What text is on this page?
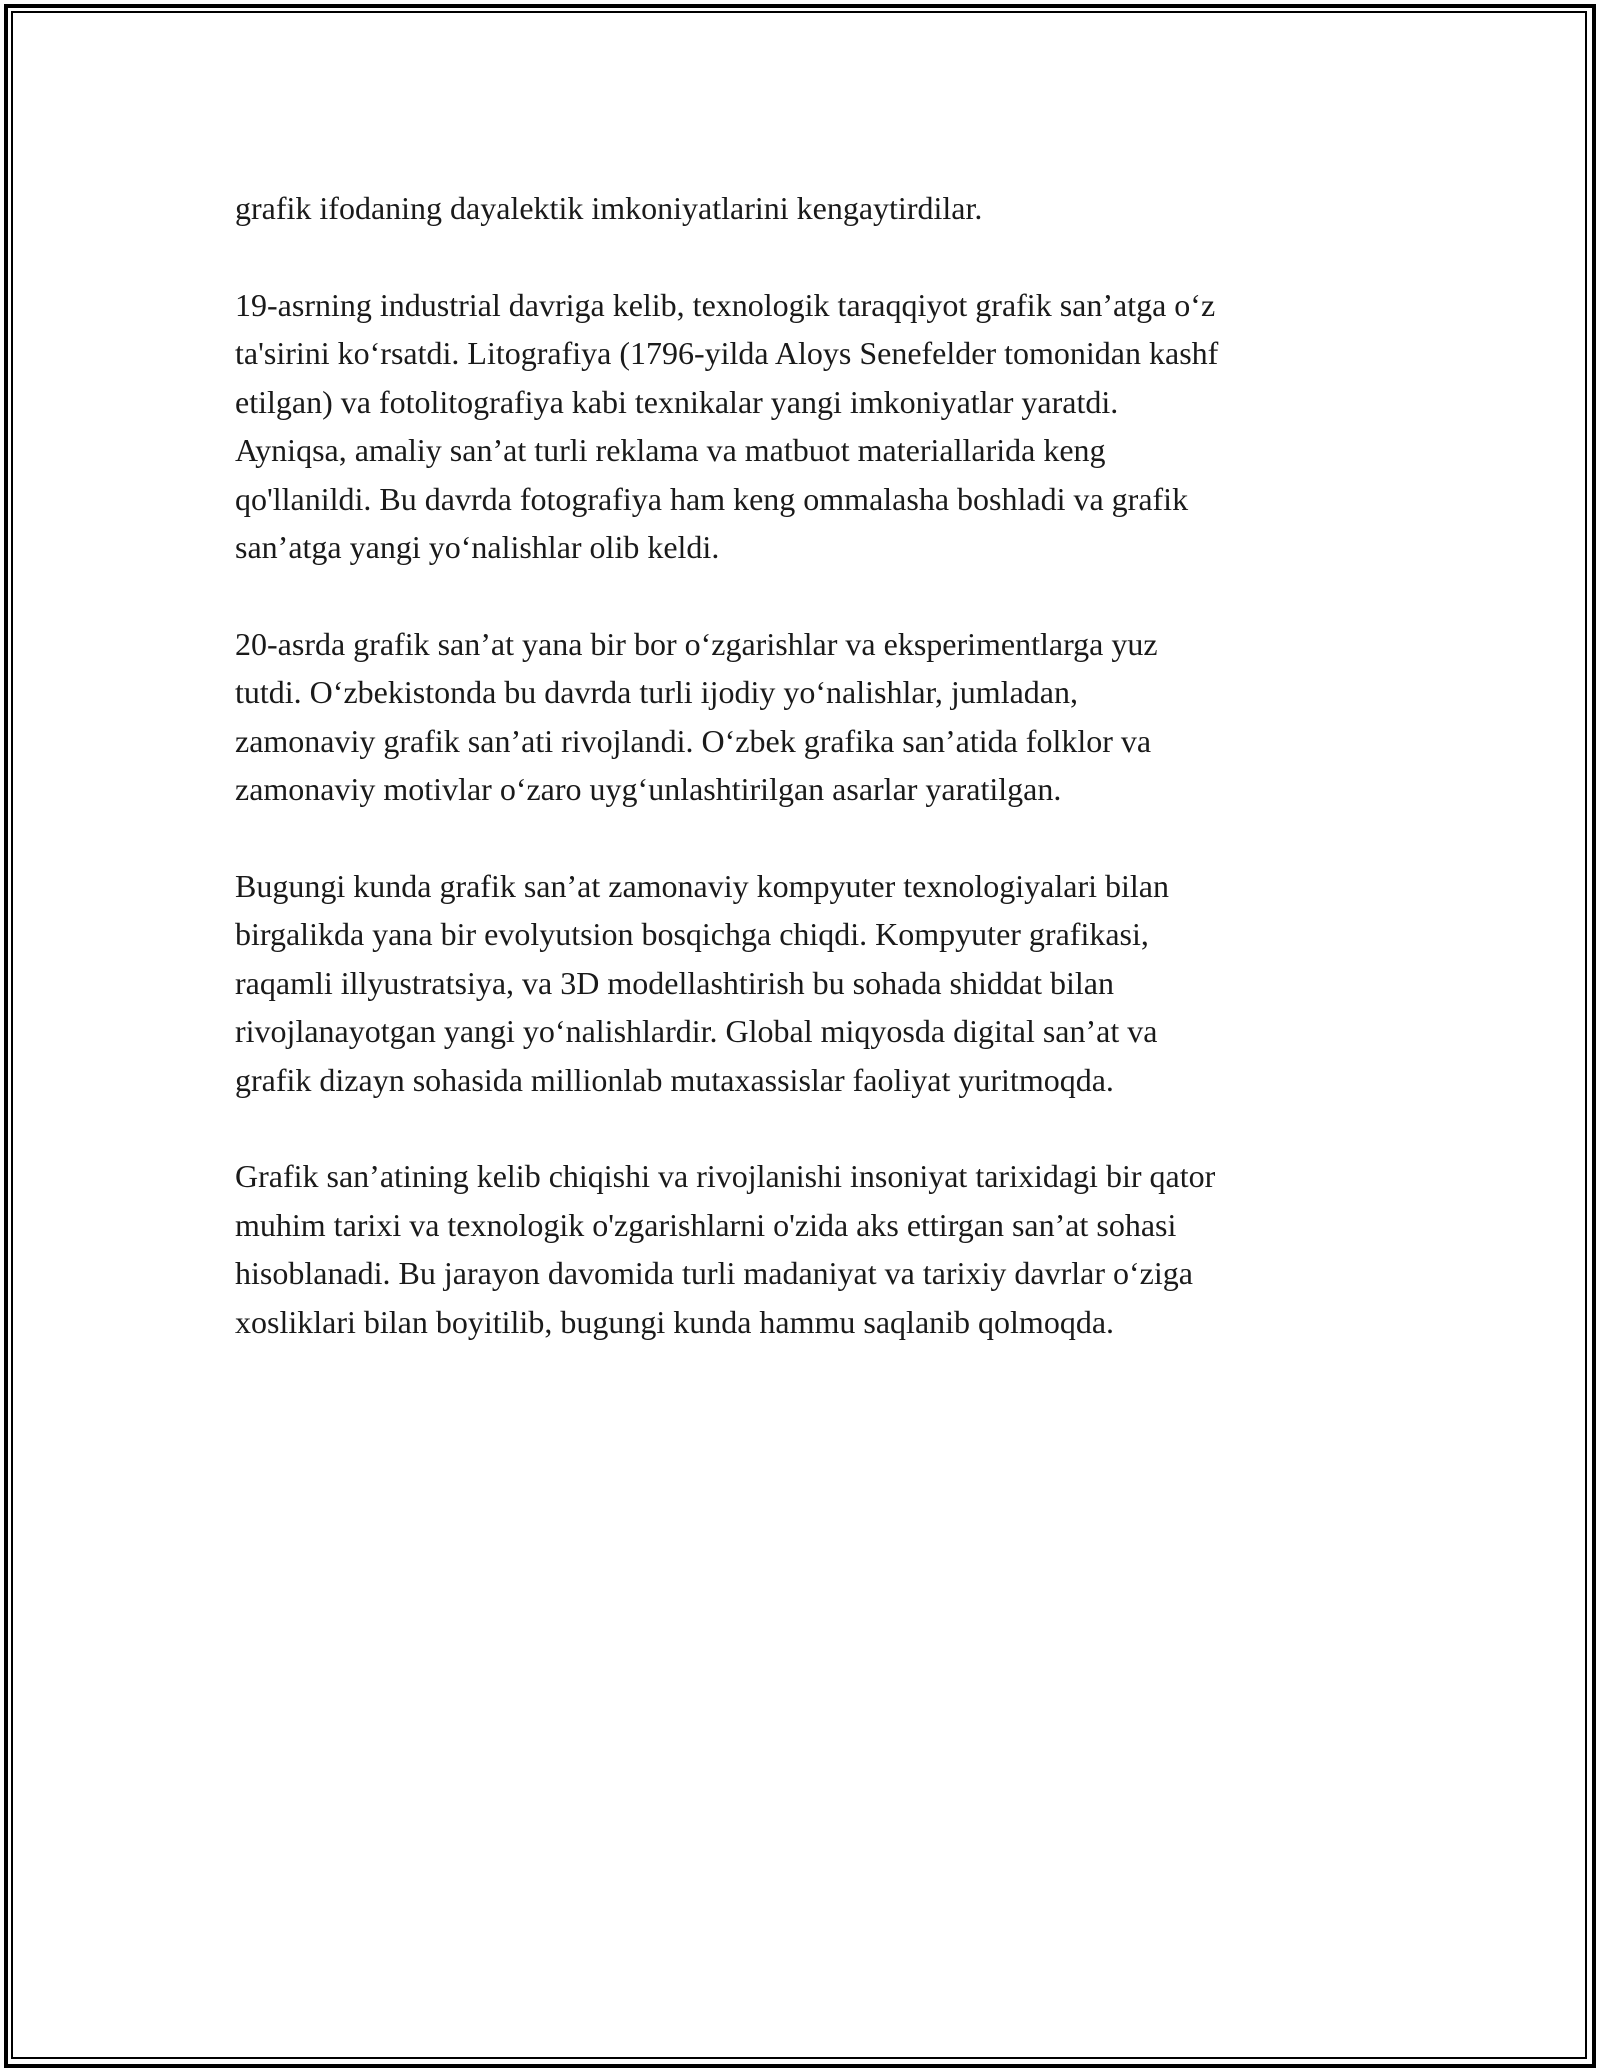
grafik ifodaning dayalektik imkoniyatlarini kengaytirdilar.

19-asrning industrial davriga kelib, texnologik taraqqiyot grafik san’atga o‘z
ta'sirini ko‘rsatdi. Litografiya (1796-yilda Aloys Senefelder tomonidan kashf
etilgan) va fotolitografiya kabi texnikalar yangi imkoniyatlar yaratdi.
Ayniqsa, amaliy san’at turli reklama va matbuot materiallarida keng
qo'llanildi. Bu davrda fotografiya ham keng ommalasha boshladi va grafik
san’atga yangi yo‘nalishlar olib keldi.

20-asrda grafik san’at yana bir bor o‘zgarishlar va eksperimentlarga yuz
tutdi. O‘zbekistonda bu davrda turli ijodiy yo‘nalishlar, jumladan,
zamonaviy grafik san’ati rivojlandi. O‘zbek grafika san’atida folklor va
zamonaviy motivlar o‘zaro uyg‘unlashtirilgan asarlar yaratilgan.

Bugungi kunda grafik san’at zamonaviy kompyuter texnologiyalari bilan
birgalikda yana bir evolyutsion bosqichga chiqdi. Kompyuter grafikasi,
raqamli illyustratsiya, va 3D modellashtirish bu sohada shiddat bilan
rivojlanayotgan yangi yo‘nalishlardir. Global miqyosda digital san’at va
grafik dizayn sohasida millionlab mutaxassislar faoliyat yuritmoqda.

Grafik san’atining kelib chiqishi va rivojlanishi insoniyat tarixidagi bir qator
muhim tarixi va texnologik o'zgarishlarni o'zida aks ettirgan san’at sohasi
hisoblanadi. Bu jarayon davomida turli madaniyat va tarixiy davrlar o‘ziga
xosliklari bilan boyitilib, bugungi kunda hammu saqlanib qolmoqda.
